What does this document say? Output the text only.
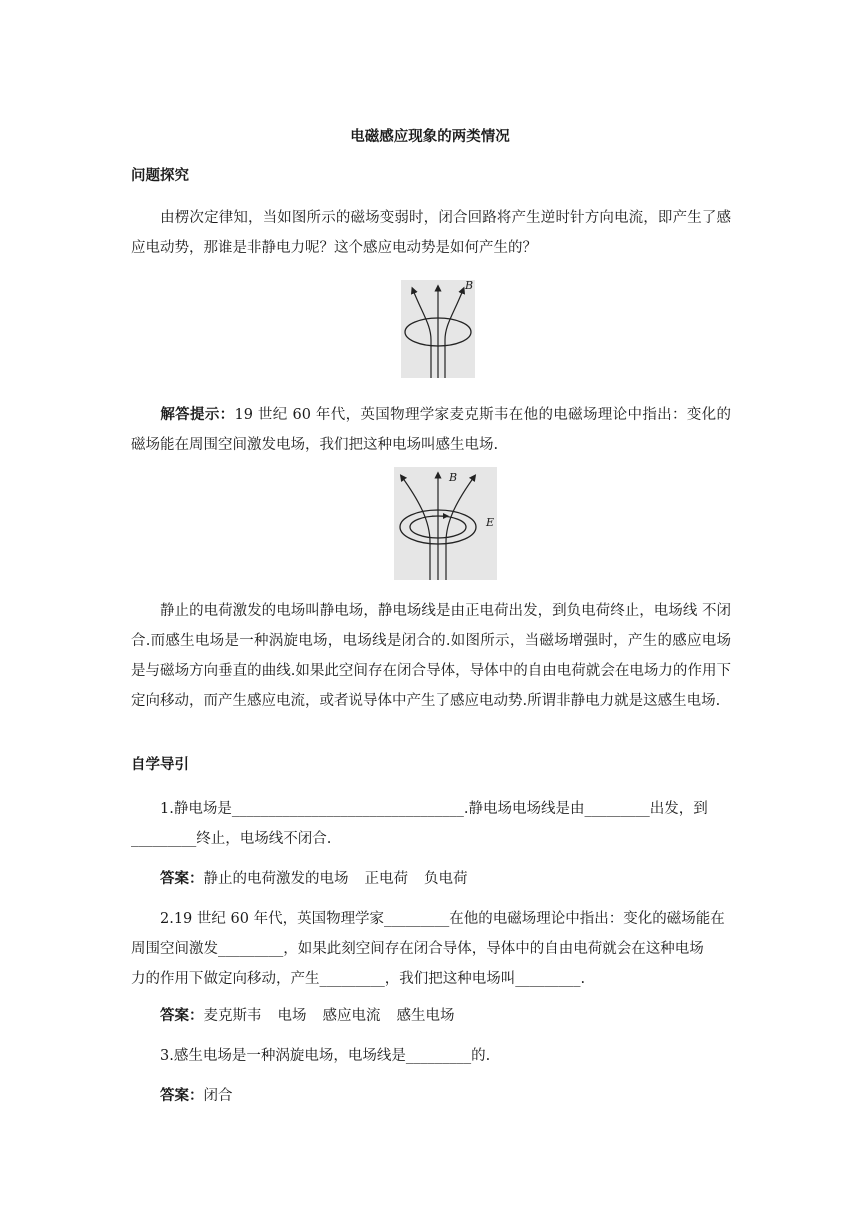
电磁感应现象的两类情况
问题探究
由楞次定律知，当如图所示的磁场变弱时，闭合回路将产生逆时针方向电流，即产生了感应电动势，那谁是非静电力呢？这个感应电动势是如何产生的？
B
解答提示：19 世纪 60 年代，英国物理学家麦克斯韦在他的电磁场理论中指出：变化的磁场能在周围空间激发电场，我们把这种电场叫感生电场.
B
E
静止的电荷激发的电场叫静电场，静电场线是由正电荷出发，到负电荷终止，电场线 不闭合.而感生电场是一种涡旋电场，电场线是闭合的.如图所示，当磁场增强时，产生的感应电场是与磁场方向垂直的曲线.如果此空间存在闭合导体，导体中的自由电荷就会在电场力的作用下定向移动，而产生感应电流，或者说导体中产生了感应电动势.所谓非静电力就是这感生电场.
自学导引
1.静电场是________________________________.静电场电场线是由_________出发，到
_________终止，电场线不闭合.
答案：静止的电荷激发的电场 正电荷 负电荷
2.19 世纪 60 年代，英国物理学家_________在他的电磁场理论中指出：变化的磁场能在
周围空间激发_________，如果此刻空间存在闭合导体，导体中的自由电荷就会在这种电场
力的作用下做定向移动，产生_________，我们把这种电场叫_________.
答案：麦克斯韦 电场 感应电流 感生电场
3.感生电场是一种涡旋电场，电场线是_________的.
答案：闭合
